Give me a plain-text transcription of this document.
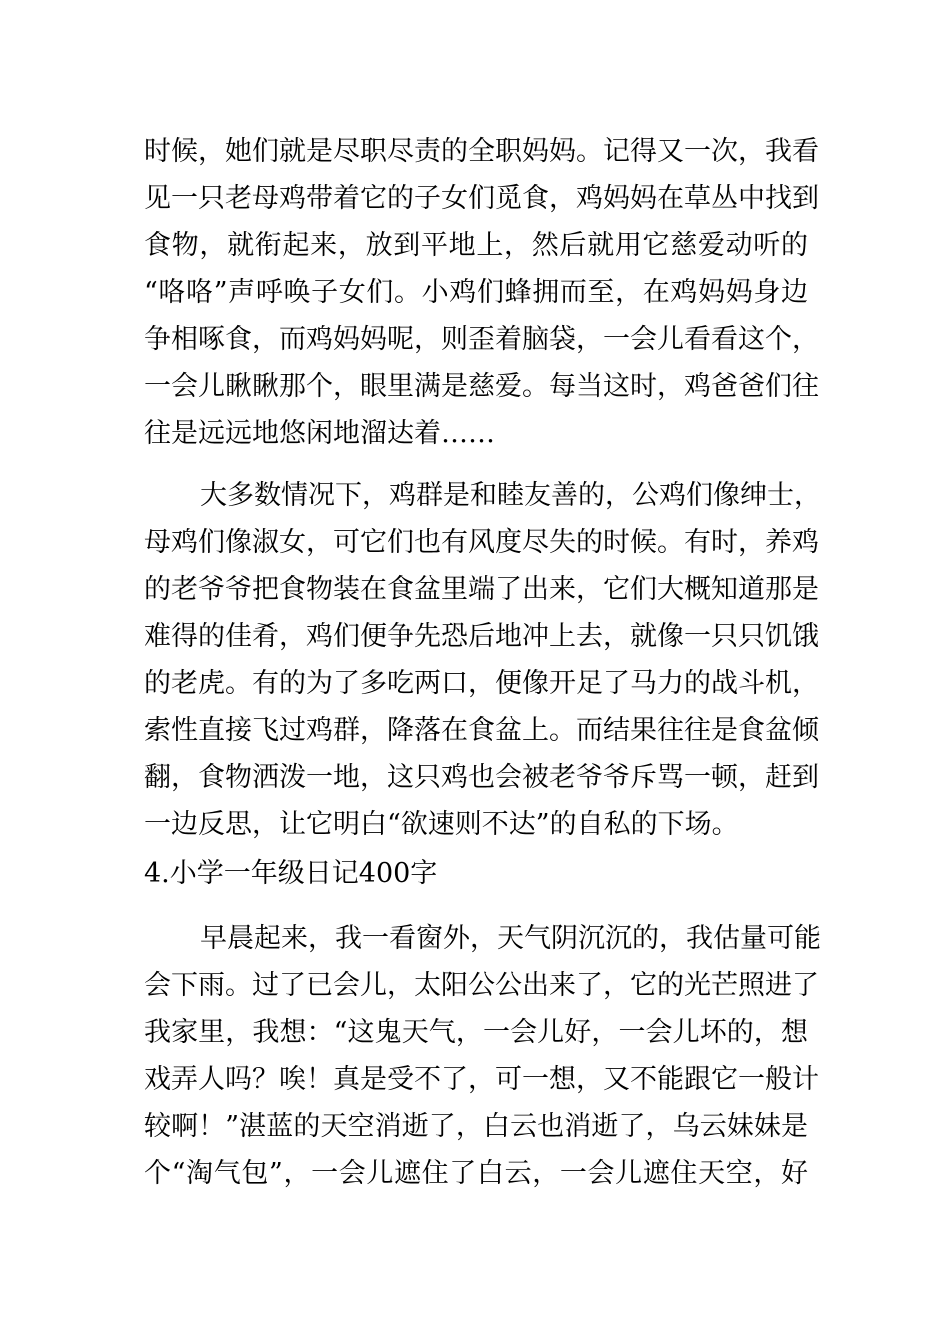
时候，她们就是尽职尽责的全职妈妈。记得又一次，我看
见一只老母鸡带着它的子女们觅食，鸡妈妈在草丛中找到
食物，就衔起来，放到平地上，然后就用它慈爱动听的
“咯咯”声呼唤子女们。小鸡们蜂拥而至，在鸡妈妈身边
争相啄食，而鸡妈妈呢，则歪着脑袋，一会儿看看这个，
一会儿瞅瞅那个，眼里满是慈爱。每当这时，鸡爸爸们往
往是远远地悠闲地溜达着……
大多数情况下，鸡群是和睦友善的，公鸡们像绅士，
母鸡们像淑女，可它们也有风度尽失的时候。有时，养鸡
的老爷爷把食物装在食盆里端了出来，它们大概知道那是
难得的佳肴，鸡们便争先恐后地冲上去，就像一只只饥饿
的老虎。有的为了多吃两口，便像开足了马力的战斗机，
索性直接飞过鸡群，降落在食盆上。而结果往往是食盆倾
翻，食物洒泼一地，这只鸡也会被老爷爷斥骂一顿，赶到
一边反思，让它明白“欲速则不达”的自私的下场。
4.小学一年级日记400字
早晨起来，我一看窗外，天气阴沉沉的，我估量可能
会下雨。过了已会儿，太阳公公出来了，它的光芒照进了
我家里，我想：“这鬼天气，一会儿好，一会儿坏的，想
戏弄人吗？唉！真是受不了，可一想，又不能跟它一般计
较啊！”湛蓝的天空消逝了，白云也消逝了，乌云妹妹是
个“淘气包”，一会儿遮住了白云，一会儿遮住天空，好
